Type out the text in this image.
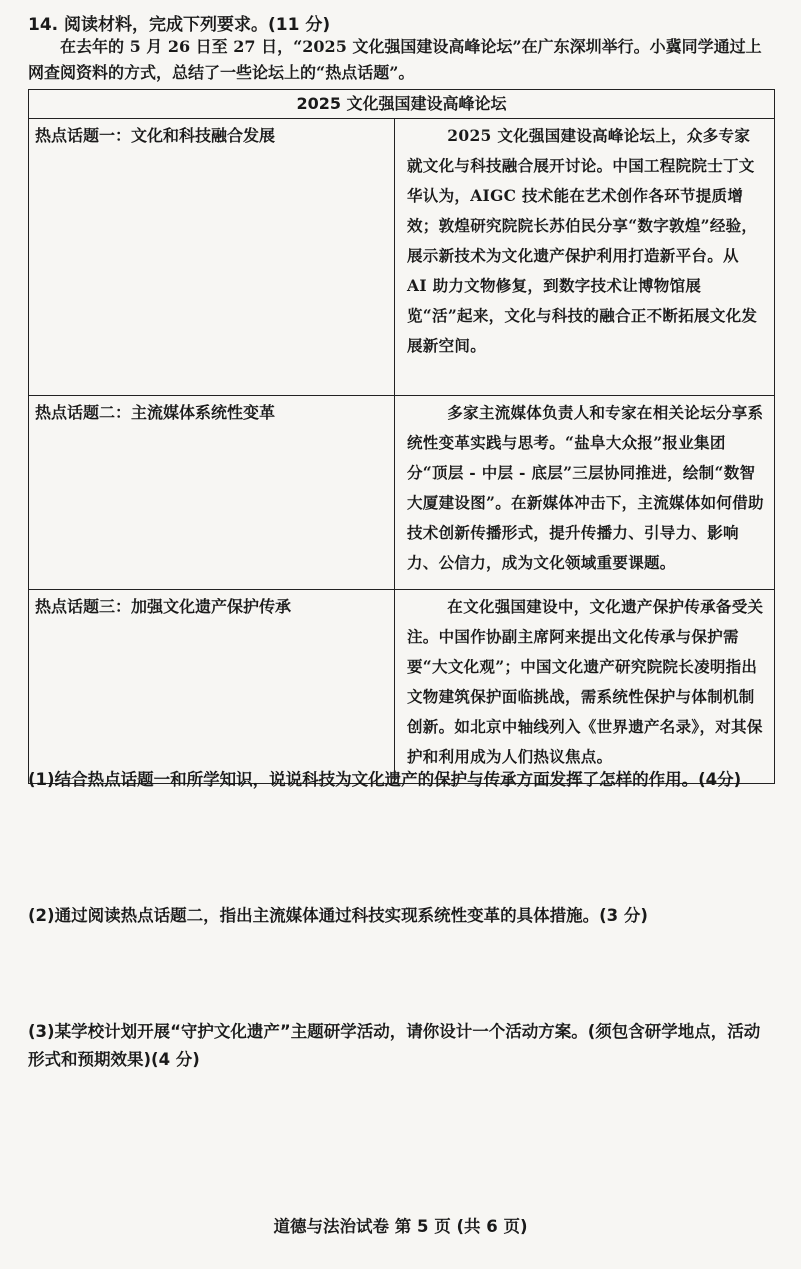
14. 阅读材料，完成下列要求。(11 分)
在去年的 5 月 26 日至 27 日，“2025 文化强国建设高峰论坛”在广东深圳举行。小冀同学通过上网查阅资料的方式，总结了一些论坛上的“热点话题”。
2025 文化强国建设高峰论坛	
热点话题一：文化和科技融合发展	2025 文化强国建设高峰论坛上，众多专家就文化与科技融合展开讨论。中国工程院院士丁文华认为，AIGC 技术能在艺术创作各环节提质增效；敦煌研究院院长苏伯民分享“数字敦煌”经验，展示新技术为文化遗产保护利用打造新平台。从 AI 助力文物修复，到数字技术让博物馆展览“活”起来，文化与科技的融合正不断拓展文化发展新空间。
热点话题二：主流媒体系统性变革	多家主流媒体负责人和专家在相关论坛分享系统性变革实践与思考。“盐阜大众报”报业集团分“顶层 - 中层 - 底层”三层协同推进，绘制“数智大厦建设图”。在新媒体冲击下，主流媒体如何借助技术创新传播形式，提升传播力、引导力、影响力、公信力，成为文化领域重要课题。
热点话题三：加强文化遗产保护传承	在文化强国建设中，文化遗产保护传承备受关注。中国作协副主席阿来提出文化传承与保护需要“大文化观”；中国文化遗产研究院院长凌明指出文物建筑保护面临挑战，需系统性保护与体制机制创新。如北京中轴线列入《世界遗产名录》，对其保护和利用成为人们热议焦点。
(1)结合热点话题一和所学知识，说说科技为文化遗产的保护与传承方面发挥了怎样的作用。(4分)
(2)通过阅读热点话题二，指出主流媒体通过科技实现系统性变革的具体措施。(3 分)
(3)某学校计划开展“守护文化遗产”主题研学活动，请你设计一个活动方案。(须包含研学地点，活动形式和预期效果)(4 分)
道德与法治试卷 第 5 页 (共 6 页)
